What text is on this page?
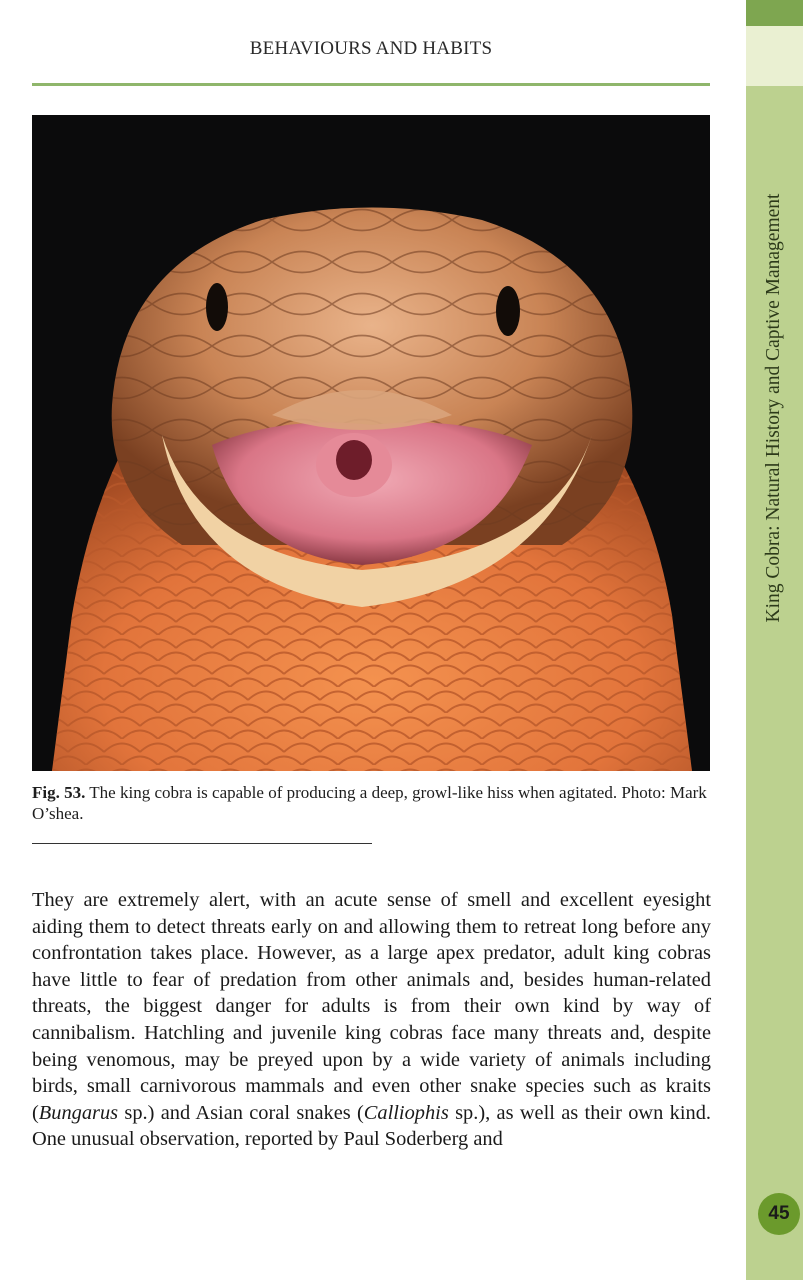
BEHAVIOURS AND HABITS
Fig. 53. The king cobra is capable of producing a deep, growl-like hiss when agitated. Photo: Mark O’shea.
They are extremely alert, with an acute sense of smell and excellent eyesight aiding them to detect threats early on and allowing them to retreat long before any confrontation takes place. However, as a large apex predator, adult king cobras have little to fear of predation from other animals and, besides human-related threats, the biggest danger for adults is from their own kind by way of cannibalism. Hatchling and juvenile king cobras face many threats and, despite being venomous, may be preyed upon by a wide variety of animals including birds, small carnivorous mammals and even other snake species such as kraits (Bungarus sp.) and Asian coral snakes (Calliophis sp.), as well as their own kind. One unusual observation, reported by Paul Soderberg and
King Cobra: Natural History and Captive Management
45
